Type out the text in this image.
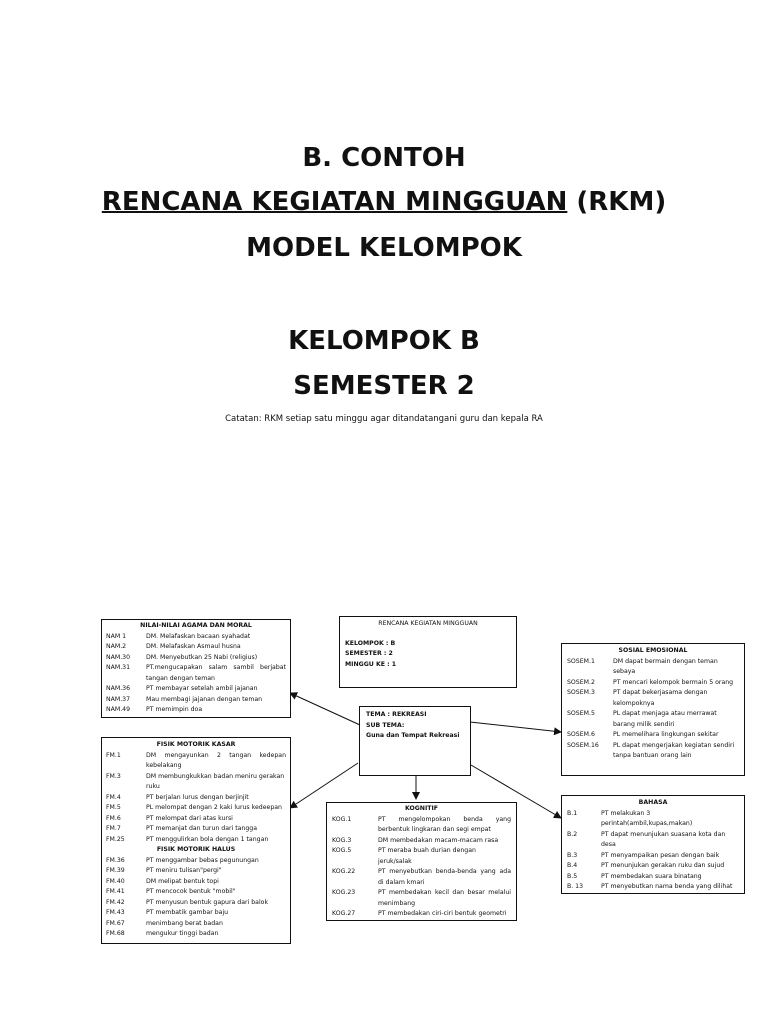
B. CONTOH
RENCANA KEGIATAN MINGGUAN (RKM)
MODEL KELOMPOK
KELOMPOK B
SEMESTER 2
Catatan: RKM setiap satu minggu agar ditandatangani guru dan kepala RA
NILAI-NILAI AGAMA DAN MORAL
NAM 1	DM. Melafaskan bacaan syahadat
NAM.2	DM. Melafaskan Asmaul husna
NAM.30	DM. Menyebutkan 25 Nabi (religius)
NAM.31	PT.mengucapakan salam sambil berjabat tangan dengan teman
NAM.36	PT membayar setelah ambil jajanan
NAM.37	Mau membagi jajanan dengan teman
NAM.49	PT memimpin doa
RENCANA KEGIATAN MINGGUAN
KELOMPOK : B
SEMESTER : 2
MINGGU KE : 1
TEMA : REKREASI
SUB TEMA:
Guna dan Tempat Rekreasi
SOSIAL EMOSIONAL
SOSEM.1	DM dapat bermain dengan teman sebaya
SOSEM.2	PT mencari kelompok bermain 5 orang
SOSEM.3	PT dapat bekerjasama dengan kelompoknya
SOSEM.5	PL dapat menjaga atau merrawat barang milik sendiri
SOSEM.6	PL memelihara lingkungan sekitar
SOSEM.16	PL dapat mengerjakan kegiatan sendiri tanpa bantuan orang lain
FISIK MOTORIK KASAR
FM.1	DM mengayunkan 2 tangan kedepan kebelakang
FM.3	DM membungkukkan badan meniru gerakan ruku
FM.4	PT berjalan lurus dengan berjinjit
FM.5	PL melompat dengan 2 kaki lurus kedeepan
FM.6	PT melompat dari atas kursi
FM.7	PT memanjat dan turun dari tangga
FM.25	PT menggulirkan bola dengan 1 tangan
FISIK MOTORIK HALUS
FM.36	PT menggambar bebas pegunungan
FM.39	PT meniru tulisan"pergi"
FM.40	DM melipat bentuk topi
FM.41	PT mencocok bentuk "mobil"
FM.42	PT menyusun bentuk gapura dari balok
FM.43	PT membatik gambar baju
FM.67	menimbang berat badan
FM.68	mengukur tinggi badan
KOGNITIF
KOG.1	PT mengelompokan benda yang berbentuk lingkaran dan segi empat
KOG.3	DM membedakan macam-macam rasa
KOG.5	PT meraba buah durian dengan jeruk/salak
KOG.22	PT menyebutkan benda-benda yang ada di dalam kmari
KOG.23	PT membedakan kecil dan besar melalui menimbang
KOG.27	PT membedakan ciri-ciri bentuk geometri
BAHASA
B.1	PT melakukan 3 perintah(ambil,kupas,makan)
B.2	PT dapat menunjukan suasana kota dan desa
B.3	PT menyampaikan pesan dengan baik
B.4	PT menunjukan gerakan ruku dan sujud
B.5	PT membedakan suara binatang
B. 13	PT menyebutkan nama benda yang dilihat
